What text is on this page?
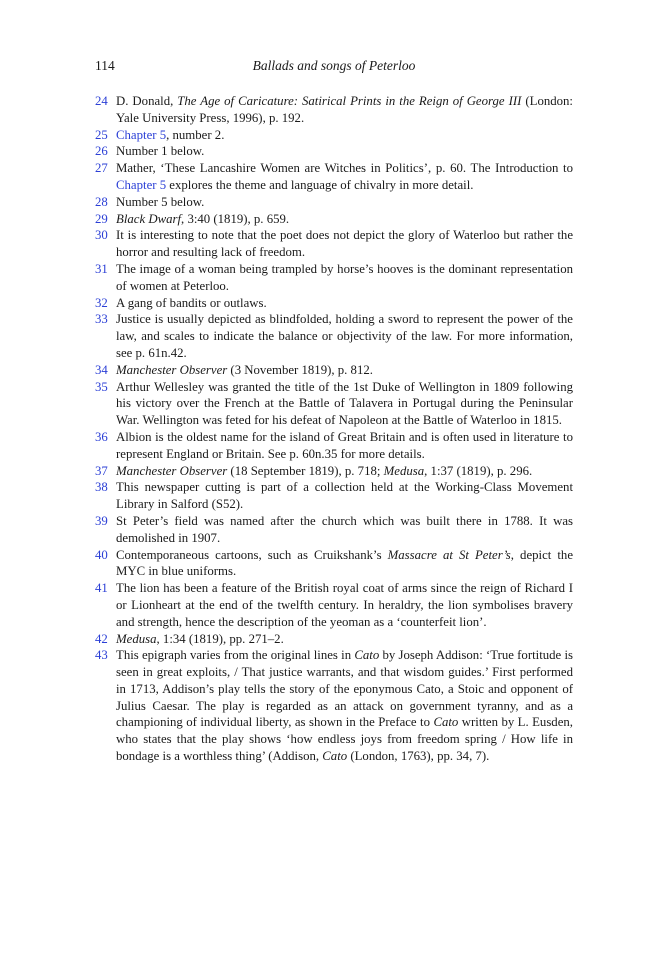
114	Ballads and songs of Peterloo
24 D. Donald, The Age of Caricature: Satirical Prints in the Reign of George III (London: Yale University Press, 1996), p. 192.
25 Chapter 5, number 2.
26 Number 1 below.
27 Mather, ‘These Lancashire Women are Witches in Politics’, p. 60. The Introduction to Chapter 5 explores the theme and language of chivalry in more detail.
28 Number 5 below.
29 Black Dwarf, 3:40 (1819), p. 659.
30 It is interesting to note that the poet does not depict the glory of Waterloo but rather the horror and resulting lack of freedom.
31 The image of a woman being trampled by horse’s hooves is the dominant representation of women at Peterloo.
32 A gang of bandits or outlaws.
33 Justice is usually depicted as blindfolded, holding a sword to represent the power of the law, and scales to indicate the balance or objectivity of the law. For more information, see p. 61n.42.
34 Manchester Observer (3 November 1819), p. 812.
35 Arthur Wellesley was granted the title of the 1st Duke of Wellington in 1809 following his victory over the French at the Battle of Talavera in Portugal during the Peninsular War. Wellington was feted for his defeat of Napoleon at the Battle of Waterloo in 1815.
36 Albion is the oldest name for the island of Great Britain and is often used in literature to represent England or Britain. See p. 60n.35 for more details.
37 Manchester Observer (18 September 1819), p. 718; Medusa, 1:37 (1819), p. 296.
38 This newspaper cutting is part of a collection held at the Working-Class Movement Library in Salford (S52).
39 St Peter’s field was named after the church which was built there in 1788. It was demolished in 1907.
40 Contemporaneous cartoons, such as Cruikshank’s Massacre at St Peter’s, depict the MYC in blue uniforms.
41 The lion has been a feature of the British royal coat of arms since the reign of Richard I or Lionheart at the end of the twelfth century. In heraldry, the lion symbolises bravery and strength, hence the description of the yeoman as a ‘counterfeit lion’.
42 Medusa, 1:34 (1819), pp. 271–2.
43 This epigraph varies from the original lines in Cato by Joseph Addison: ‘True fortitude is seen in great exploits, / That justice warrants, and that wisdom guides.’ First performed in 1713, Addison’s play tells the story of the eponymous Cato, a Stoic and opponent of Julius Caesar. The play is regarded as an attack on government tyranny, and as a championing of individual liberty, as shown in the Preface to Cato written by L. Eusden, who states that the play shows ‘how endless joys from freedom spring / How life in bondage is a worthless thing’ (Addison, Cato (London, 1763), pp. 34, 7).
